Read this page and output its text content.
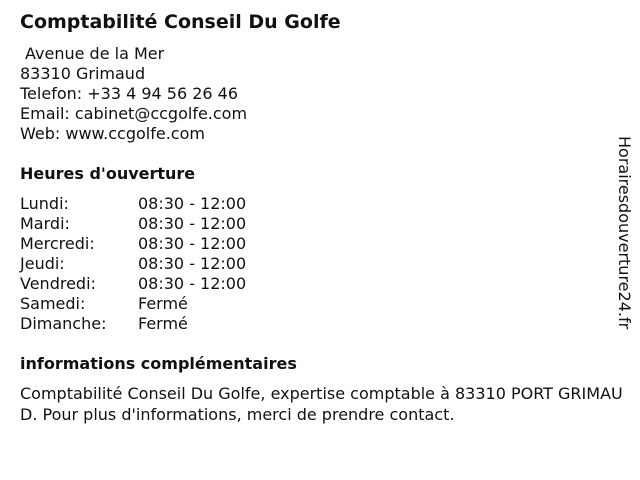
Comptabilité Conseil Du Golfe
Avenue de la Mer
83310 Grimaud
Telefon: +33 4 94 56 26 46
Email: cabinet@ccgolfe.com
Web: www.ccgolfe.com
Heures d'ouverture
Lundi:	08:30 - 12:00
Mardi:	08:30 - 12:00
Mercredi:	08:30 - 12:00
Jeudi:	08:30 - 12:00
Vendredi:	08:30 - 12:00
Samedi:	Fermé
Dimanche:	Fermé
informations complémentaires
Comptabilité Conseil Du Golfe, expertise comptable à 83310 PORT GRIMAUD. Pour plus d'informations, merci de prendre contact.
Horairesdouverture24.fr
